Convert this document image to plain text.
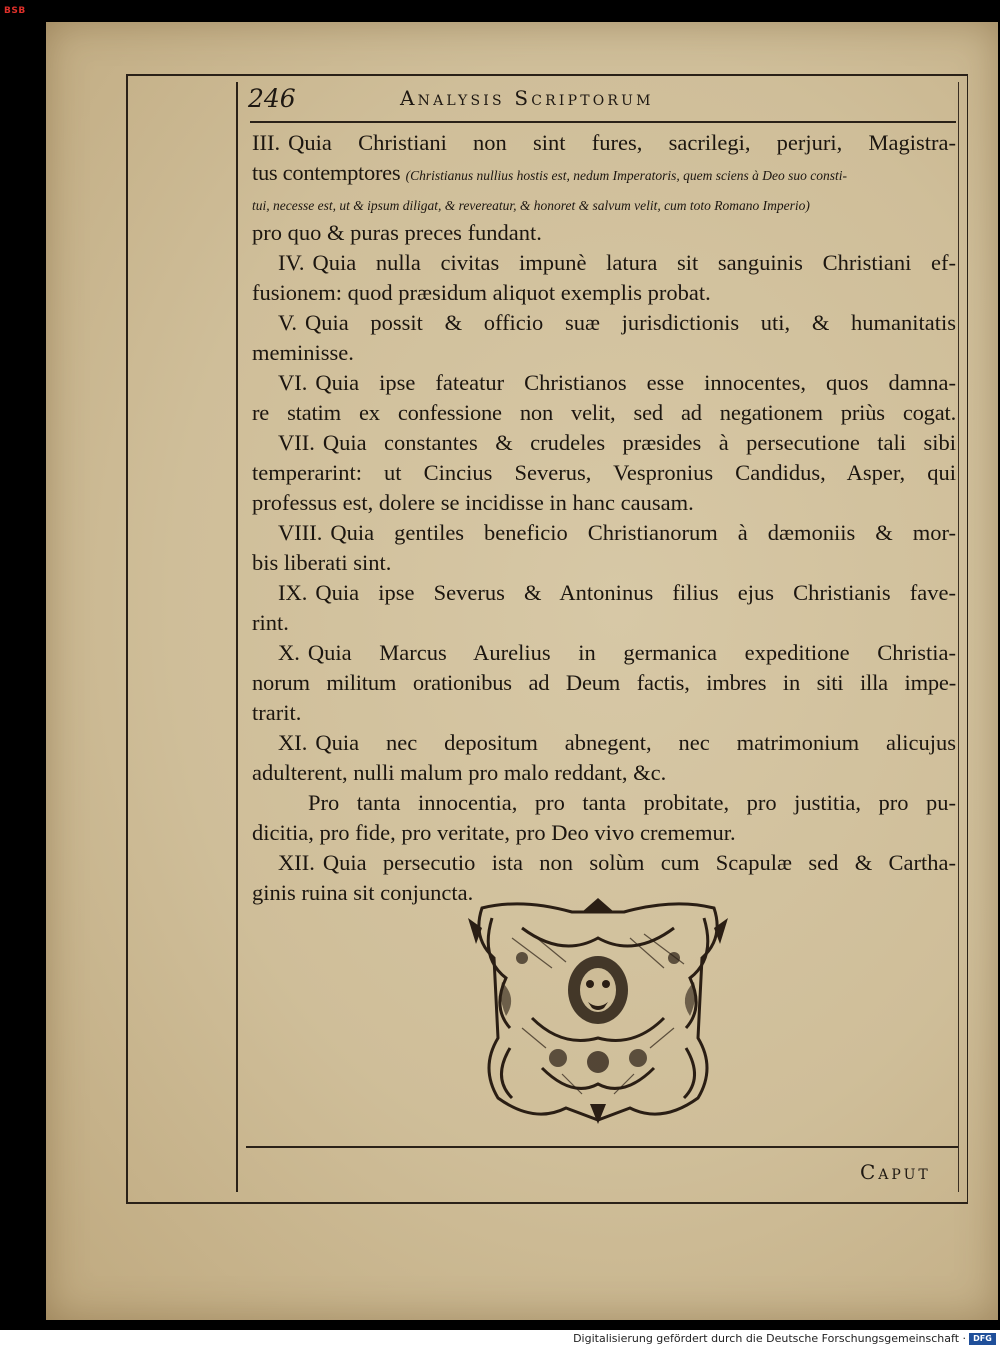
BSB
246	Analysis Scriptorum
III. Quia Christiani non sint fures, sacrilegi, perjuri, Magistra-
tus contemptores (Christianus nullius hostis est, nedum Imperatoris, quem sciens à Deo suo consti-
tui, necesse est, ut & ipsum diligat, & revereatur, & honoret & salvum velit, cum toto Romano Imperio)
pro quo & puras preces fundant.
IV. Quia nulla civitas impunè latura sit sanguinis Christiani ef-
fusionem: quod præsidum aliquot exemplis probat.
V. Quia possit & officio suæ jurisdictionis uti, & humanitatis
meminisse.
VI. Quia ipse fateatur Christianos esse innocentes, quos damna-
re statim ex confessione non velit, sed ad negationem priùs cogat.
VII. Quia constantes & crudeles præsides à persecutione tali sibi
temperarint: ut Cincius Severus, Vespronius Candidus, Asper, qui
professus est, dolere se incidisse in hanc causam.
VIII. Quia gentiles beneficio Christianorum à dæmoniis & mor-
bis liberati sint.
IX. Quia ipse Severus & Antoninus filius ejus Christianis fave-
rint.
X. Quia Marcus Aurelius in germanica expeditione Christia-
norum militum orationibus ad Deum factis, imbres in siti illa impe-
trarit.
XI. Quia nec depositum abnegent, nec matrimonium alicujus
adulterent, nulli malum pro malo reddant, &c.
Pro tanta innocentia, pro tanta probitate, pro justitia, pro pu-
dicitia, pro fide, pro veritate, pro Deo vivo crememur.
XII. Quia persecutio ista non solùm cum Scapulæ sed & Cartha-
ginis ruina sit conjuncta.
Caput
Digitalisierung gefördert durch die Deutsche Forschungsgemeinschaft · DFG
